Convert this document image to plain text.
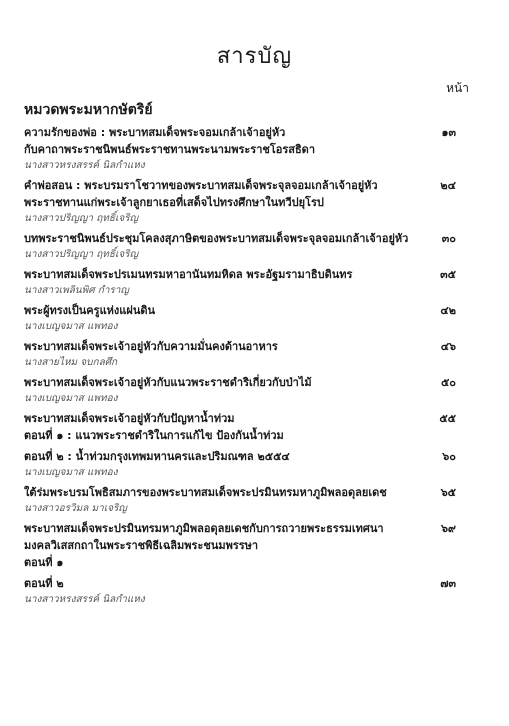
สารบัญ
หน้า
หมวดพระมหากษัตริย์
ความรักของพ่อ : พระบาทสมเด็จพระจอมเกล้าเจ้าอยู่หัว
กับคาถาพระราชนิพนธ์พระราชทานพระนามพระราชโอรสธิดา
นางสาวหรงสรรค์ นิลกำแหง
๑๓
คำพ่อสอน : พระบรมราโชวาทของพระบาทสมเด็จพระจุลจอมเกล้าเจ้าอยู่หัว
พระราชทานแก่พระเจ้าลูกยาเธอที่เสด็จไปทรงศึกษาในทวีปยุโรป
นางสาวปริญญา ฤทธิ์เจริญ
๒๔
บทพระราชนิพนธ์ประชุมโคลงสุภาษิตของพระบาทสมเด็จพระจุลจอมเกล้าเจ้าอยู่หัว
นางสาวปริญญา ฤทธิ์เจริญ
๓๐
พระบาทสมเด็จพระปรเมนทรมหาอานันทมหิดล พระอัฐมรามาธิบดินทร
นางสาวเพลินพิศ กำราญ
๓๕
พระผู้ทรงเป็นครูแห่งแผ่นดิน
นางเบญจมาส แพทอง
๔๒
พระบาทสมเด็จพระเจ้าอยู่หัวกับความมั่นคงด้านอาหาร
นางสายไหม จบกลศึก
๔๖
พระบาทสมเด็จพระเจ้าอยู่หัวกับแนวพระราชดำริเกี่ยวกับป่าไม้
นางเบญจมาส แพทอง
๕๐
พระบาทสมเด็จพระเจ้าอยู่หัวกับปัญหาน้ำท่วม
ตอนที่ ๑ : แนวพระราชดำริในการแก้ไข ป้องกันน้ำท่วม
๕๕
ตอนที่ ๒ : น้ำท่วมกรุงเทพมหานครและปริมณฑล ๒๕๕๔
นางเบญจมาส แพทอง
๖๐
ใต้ร่มพระบรมโพธิสมภารของพระบาทสมเด็จพระปรมินทรมหาภูมิพลอดุลยเดช
นางสาวอรวิมล มาเจริญ
๖๕
พระบาทสมเด็จพระปรมินทรมหาภูมิพลอดุลยเดชกับการถวายพระธรรมเทศนา
มงคลวิเสสกถาในพระราชพิธีเฉลิมพระชนมพรรษา
ตอนที่ ๑
๖๙
ตอนที่ ๒
นางสาวหรงสรรค์ นิลกำแหง
๗๓
